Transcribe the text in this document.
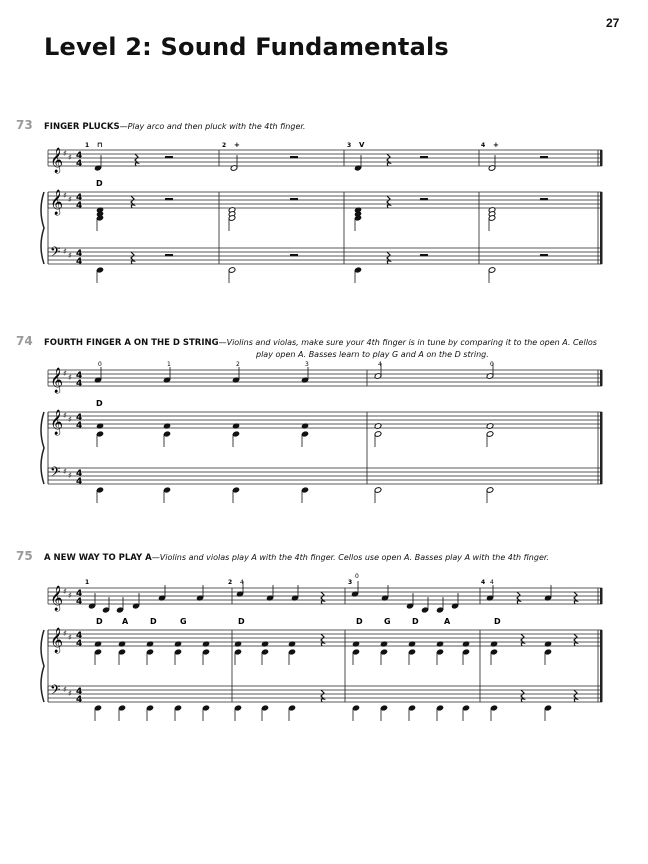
27
Level 2: Sound Fundamentals
73 FINGER PLUCKS—Play arco and then pluck with the 4th finger.
74 FOURTH FINGER A ON THE D STRING—Violins and violas, make sure your 4th finger is in tune by comparing it to the open A. Cellos
play open A. Basses learn to play G and A on the D string.
75 A NEW WAY TO PLAY A—Violins and violas play A with the 4th finger. Cellos use open A. Basses play A with the 4th finger.
𝄞 ♯ ♯ 4
4
𝄞 ♯ ♯ 4
4
𝄢 ♯ ♯ 4
4
1 ⊓	2 +	3 V	4 +
D
𝄞 ♯ ♯ 4
4
𝄞 ♯ ♯ 4
4
𝄢 ♯ ♯ 4
4
0	1	2	3	4	0
D
𝄞 ♯ ♯ 4
4
𝄞 ♯ ♯ 4
4
𝄢 ♯ ♯ 4
4
1	2	3	4
4
0
4
D A	D	G	D	D	G	D	A	D
